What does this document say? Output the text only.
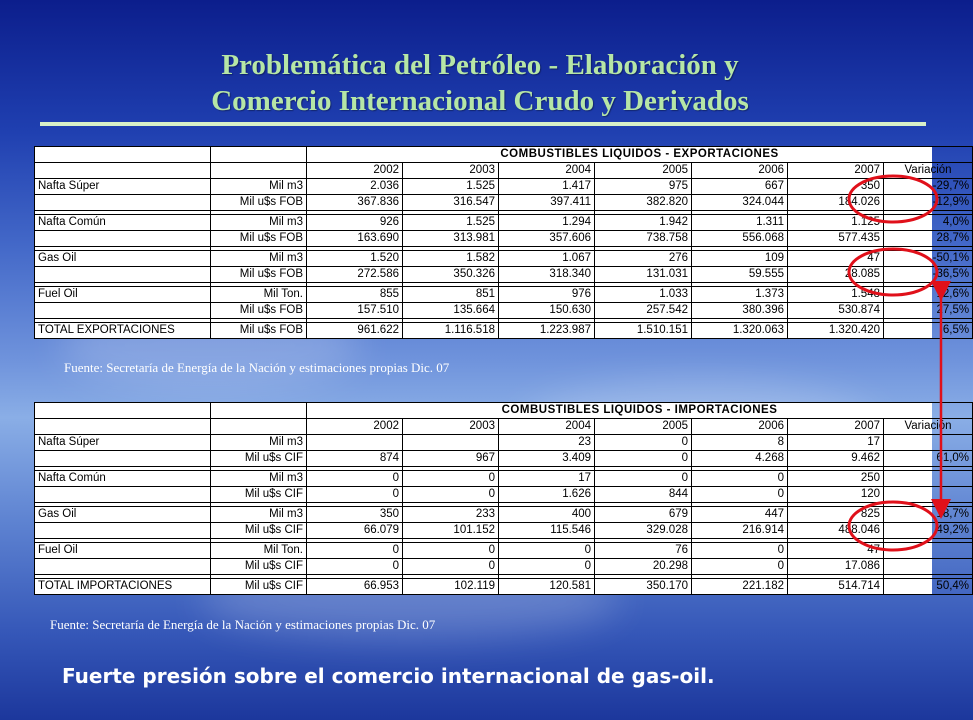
Problemática del Petróleo - Elaboración y
Comercio Internacional Crudo y Derivados
		COMBUSTIBLES LIQUIDOS - EXPORTACIONES						
		2002	2003	2004	2005	2006	2007	Variación
Nafta Súper	Mil m3	2.036	1.525	1.417	975	667	350	-29,7%
	Mil u$s FOB	367.836	316.547	397.411	382.820	324.044	184.026	-12,9%

Nafta Común	Mil m3	926	1.525	1.294	1.942	1.311	1.125	4,0%
	Mil u$s FOB	163.690	313.981	357.606	738.758	556.068	577.435	28,7%

Gas Oil	Mil m3	1.520	1.582	1.067	276	109	47	-50,1%
	Mil u$s FOB	272.586	350.326	318.340	131.031	59.555	28.085	-36,5%

Fuel Oil	Mil Ton.	855	851	976	1.033	1.373	1.548	12,6%
	Mil u$s FOB	157.510	135.664	150.630	257.542	380.396	530.874	27,5%

TOTAL EXPORTACIONES	Mil u$s FOB	961.622	1.116.518	1.223.987	1.510.151	1.320.063	1.320.420	6,5%
Fuente: Secretaría de Energía de la Nación y estimaciones propias Dic. 07
		COMBUSTIBLES LIQUIDOS - IMPORTACIONES						
		2002	2003	2004	2005	2006	2007	Variación
Nafta Súper	Mil m3			23	0	8	17	
	Mil u$s CIF	874	967	3.409	0	4.268	9.462	61,0%

Nafta Común	Mil m3	0	0	17	0	0	250	
	Mil u$s CIF	0	0	1.626	844	0	120	

Gas Oil	Mil m3	350	233	400	679	447	825	18,7%
	Mil u$s CIF	66.079	101.152	115.546	329.028	216.914	488.046	49,2%

Fuel Oil	Mil Ton.	0	0	0	76	0	47	
	Mil u$s CIF	0	0	0	20.298	0	17.086	

TOTAL IMPORTACIONES	Mil u$s CIF	66.953	102.119	120.581	350.170	221.182	514.714	50,4%
Fuente: Secretaría de Energía de la Nación y estimaciones propias Dic. 07
Fuerte presión sobre el comercio internacional de gas-oil.
